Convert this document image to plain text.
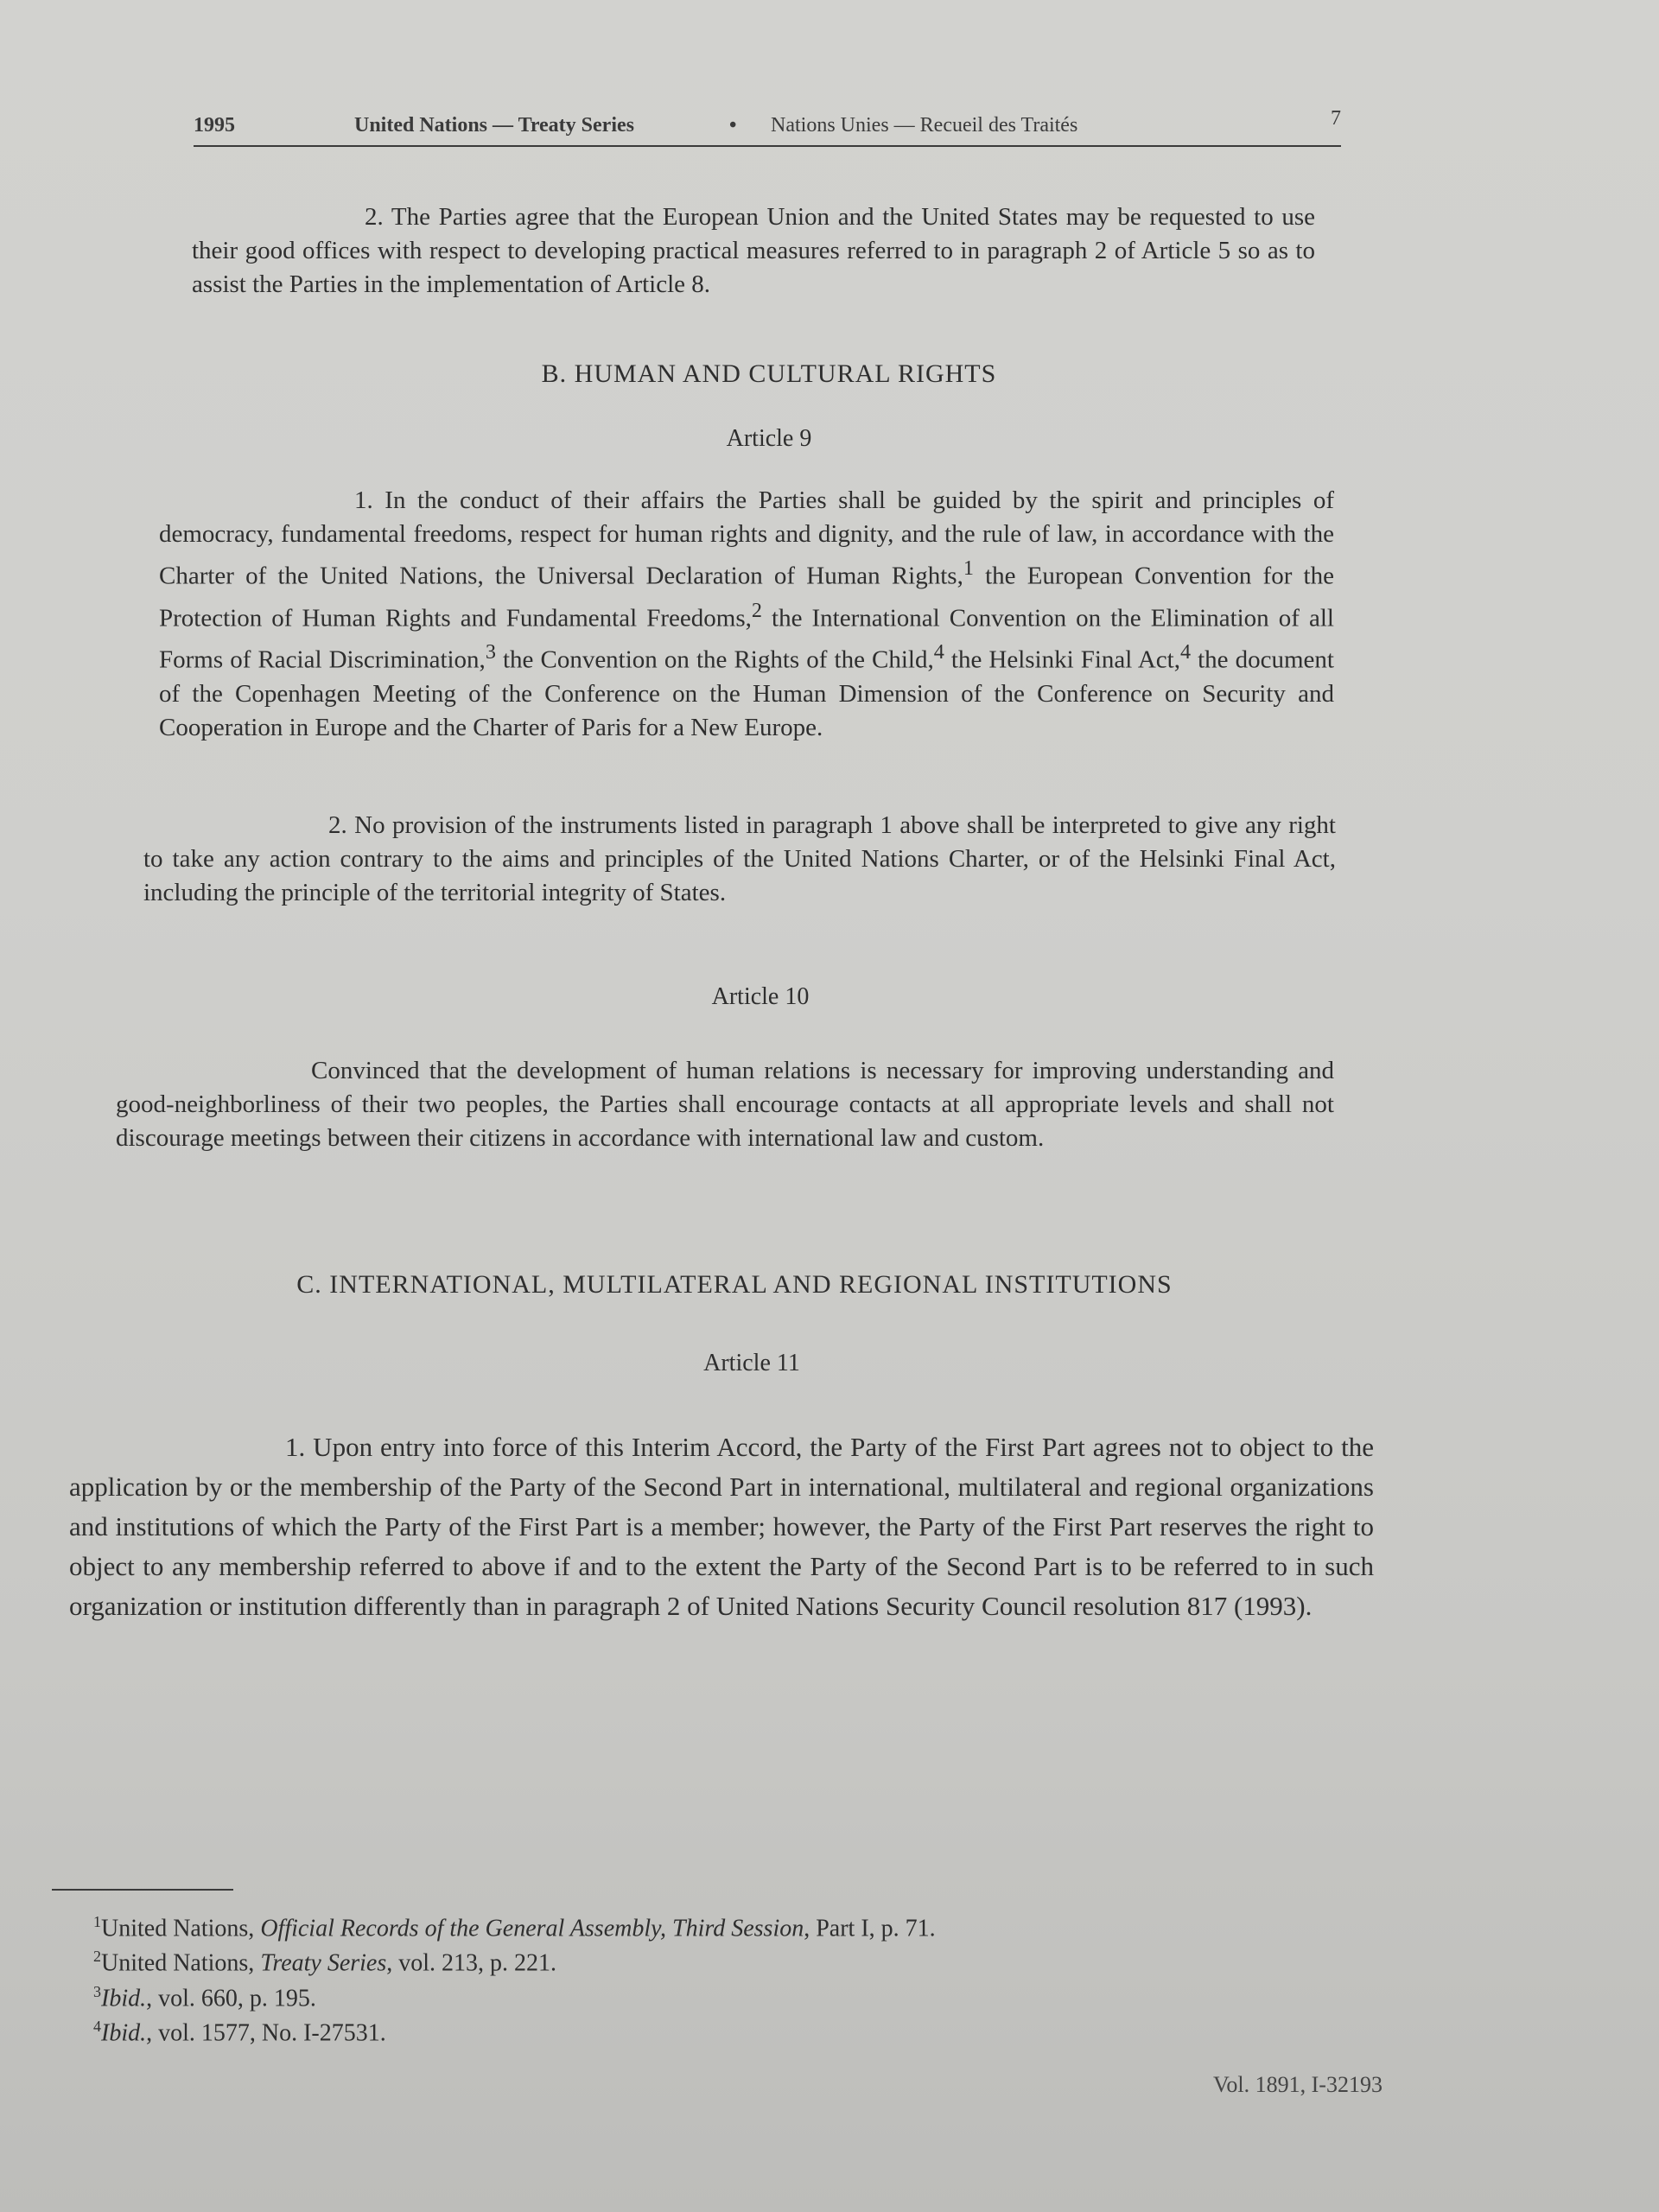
1995	United Nations — Treaty Series	• Nations Unies — Recueil des Traités	7

2. The Parties agree that the European Union and the United States may be requested to use their good offices with respect to developing practical measures referred to in paragraph 2 of Article 5 so as to assist the Parties in the implementation of Article 8.

B. HUMAN AND CULTURAL RIGHTS
Article 9

1. In the conduct of their affairs the Parties shall be guided by the spirit and principles of democracy, fundamental freedoms, respect for human rights and dignity, and the rule of law, in accordance with the Charter of the United Nations, the Universal Declaration of Human Rights,$^1$ the European Convention for the Protection of Human Rights and Fundamental Freedoms,$^2$ the International Convention on the Elimination of all Forms of Racial Discrimination,$^3$ the Convention on the Rights of the Child,$^4$ the Helsinki Final Act,$^4$ the document of the Copenhagen Meeting of the Conference on the Human Dimension of the Conference on Security and Cooperation in Europe and the Charter of Paris for a New Europe.

2. No provision of the instruments listed in paragraph 1 above shall be interpreted to give any right to take any action contrary to the aims and principles of the United Nations Charter, or of the Helsinki Final Act, including the principle of the territorial integrity of States.

Article 10

Convinced that the development of human relations is necessary for improving understanding and good-neighborliness of their two peoples, the Parties shall encourage contacts at all appropriate levels and shall not discourage meetings between their citizens in accordance with international law and custom.

C. INTERNATIONAL, MULTILATERAL AND REGIONAL INSTITUTIONS
Article 11

1. Upon entry into force of this Interim Accord, the Party of the First Part agrees not to object to the application by or the membership of the Party of the Second Part in international, multilateral and regional organizations and institutions of which the Party of the First Part is a member; however, the Party of the First Part reserves the right to object to any membership referred to above if and to the extent the Party of the Second Part is to be referred to in such organization or institution differently than in paragraph 2 of United Nations Security Council resolution 817 (1993).

$^1$United Nations, Official Records of the General Assembly, Third Session, Part I, p. 71.
$^2$United Nations, Treaty Series, vol. 213, p. 221.
$^3$Ibid., vol. 660, p. 195.
$^4$Ibid., vol. 1577, No. I-27531.
Vol. 1891, I-32193
